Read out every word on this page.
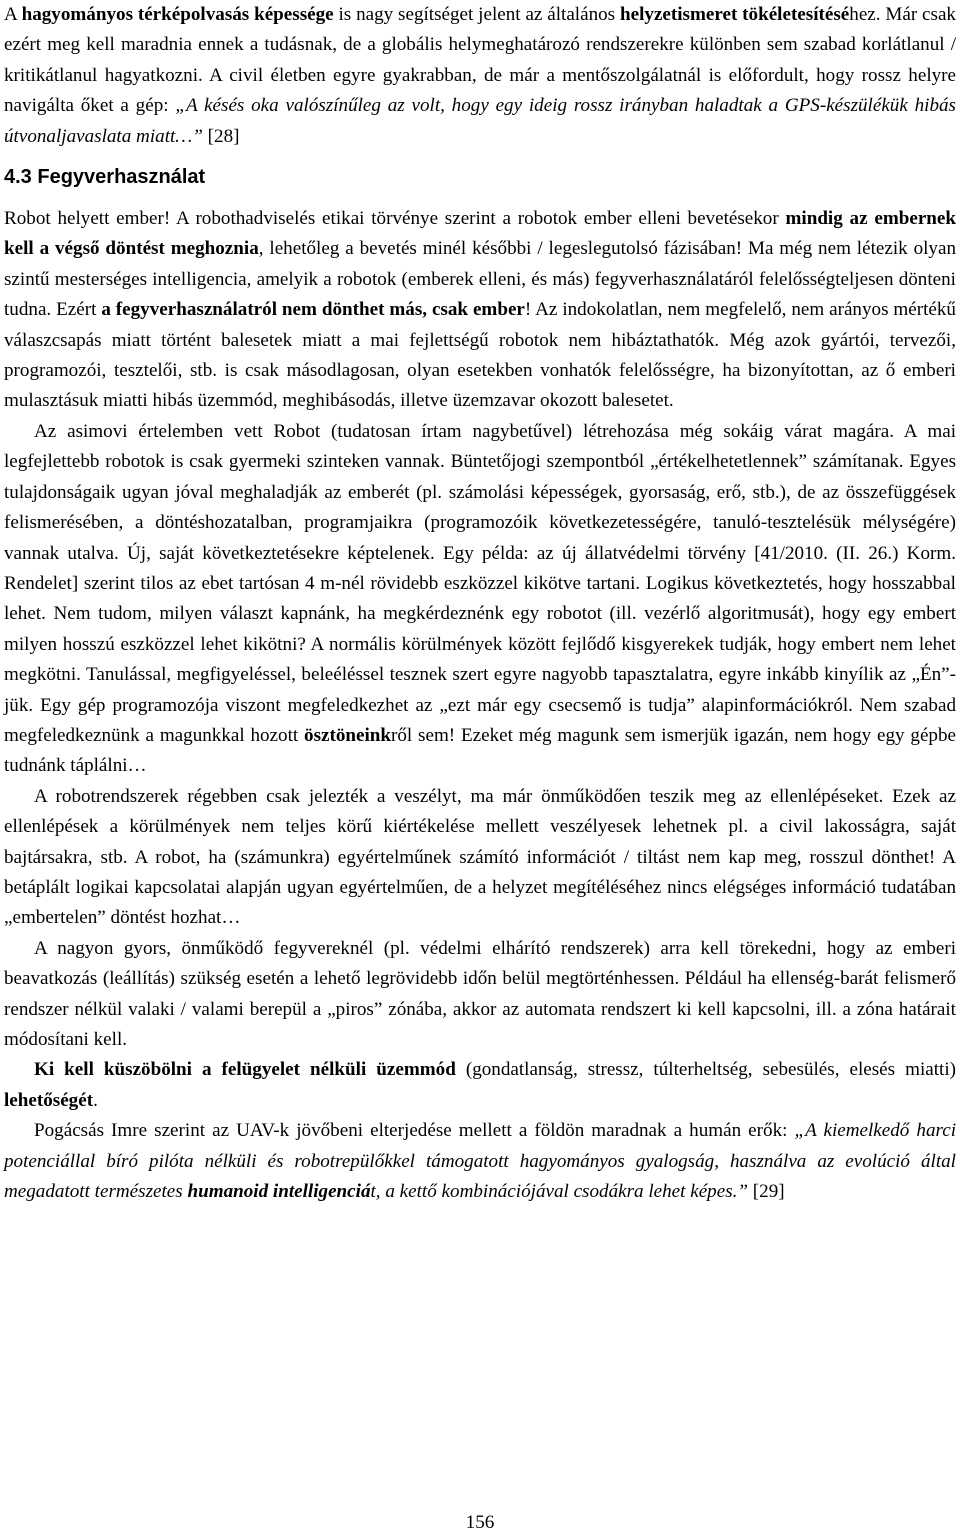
A hagyományos térképolvasás képessége is nagy segítséget jelent az általános helyzetismeret tökéletesítéséhez. Már csak ezért meg kell maradnia ennek a tudásnak, de a globális helymeghatározó rendszerekre különben sem szabad korlátlanul / kritikátlanul hagyatkozni. A civil életben egyre gyakrabban, de már a mentőszolgálatnál is előfordult, hogy rossz helyre navigálta őket a gép: „A késés oka valószínűleg az volt, hogy egy ideig rossz irányban haladtak a GPS-készülékük hibás útvonaljavaslata miatt…” [28]

4.3 Fegyverhasználat

Robot helyett ember! A robothadviselés etikai törvénye szerint a robotok ember elleni bevetésekor mindig az embernek kell a végső döntést meghoznia, lehetőleg a bevetés minél későbbi / legeslegutolsó fázisában! Ma még nem létezik olyan szintű mesterséges intelligencia, amelyik a robotok (emberek elleni, és más) fegyverhasználatáról felelősségteljesen dönteni tudna. Ezért a fegyverhasználatról nem dönthet más, csak ember! Az indokolatlan, nem megfelelő, nem arányos mértékű válaszcsapás miatt történt balesetek miatt a mai fejlettségű robotok nem hibáztathatók. Még azok gyártói, tervezői, programozói, tesztelői, stb. is csak másodlagosan, olyan esetekben vonhatók felelősségre, ha bizonyítottan, az ő emberi mulasztásuk miatti hibás üzemmód, meghibásodás, illetve üzemzavar okozott balesetet.

Az asimovi értelemben vett Robot (tudatosan írtam nagybetűvel) létrehozása még sokáig várat magára. A mai legfejlettebb robotok is csak gyermeki szinteken vannak. Büntetőjogi szempontból „értékelhetetlennek” számítanak. Egyes tulajdonságaik ugyan jóval meghaladják az emberét (pl. számolási képességek, gyorsaság, erő, stb.), de az összefüggések felismerésében, a döntéshozatalban, programjaikra (programozóik következetességére, tanuló-tesztelésük mélységére) vannak utalva. Új, saját következtetésekre képtelenek. Egy példa: az új állatvédelmi törvény [41/2010. (II. 26.) Korm. Rendelet] szerint tilos az ebet tartósan 4 m-nél rövidebb eszközzel kikötve tartani. Logikus következtetés, hogy hosszabbal lehet. Nem tudom, milyen választ kapnánk, ha megkérdeznénk egy robotot (ill. vezérlő algoritmusát), hogy egy embert milyen hosszú eszközzel lehet kikötni? A normális körülmények között fejlődő kisgyerekek tudják, hogy embert nem lehet megkötni. Tanulással, megfigyeléssel, beleéléssel tesznek szert egyre nagyobb tapasztalatra, egyre inkább kinyílik az „Én”-jük. Egy gép programozója viszont megfeledkezhet az „ezt már egy csecsemő is tudja” alapinformációkról. Nem szabad megfeledkeznünk a magunkkal hozott ösztöneinkről sem! Ezeket még magunk sem ismerjük igazán, nem hogy egy gépbe tudnánk táplálni…

A robotrendszerek régebben csak jelezték a veszélyt, ma már önműködően teszik meg az ellenlépéseket. Ezek az ellenlépések a körülmények nem teljes körű kiértékelése mellett veszélyesek lehetnek pl. a civil lakosságra, saját bajtársakra, stb. A robot, ha (számunkra) egyértelműnek számító információt / tiltást nem kap meg, rosszul dönthet! A betáplált logikai kapcsolatai alapján ugyan egyértelműen, de a helyzet megítéléséhez nincs elégséges információ tudatában „embertelen” döntést hozhat…

A nagyon gyors, önműködő fegyvereknél (pl. védelmi elhárító rendszerek) arra kell törekedni, hogy az emberi beavatkozás (leállítás) szükség esetén a lehető legrövidebb időn belül megtörténhessen. Például ha ellenség-barát felismerő rendszer nélkül valaki / valami berepül a „piros” zónába, akkor az automata rendszert ki kell kapcsolni, ill. a zóna határait módosítani kell.

Ki kell küszöbölni a felügyelet nélküli üzemmód (gondatlanság, stressz, túlterheltség, sebesülés, elesés miatti) lehetőségét.

Pogácsás Imre szerint az UAV-k jövőbeni elterjedése mellett a földön maradnak a humán erők: „A kiemelkedő harci potenciállal bíró pilóta nélküli és robotrepülőkkel támogatott hagyományos gyalogság, használva az evolúció által megadatott természetes humanoid intelligenciát, a kettő kombinációjával csodákra lehet képes.” [29]

156
